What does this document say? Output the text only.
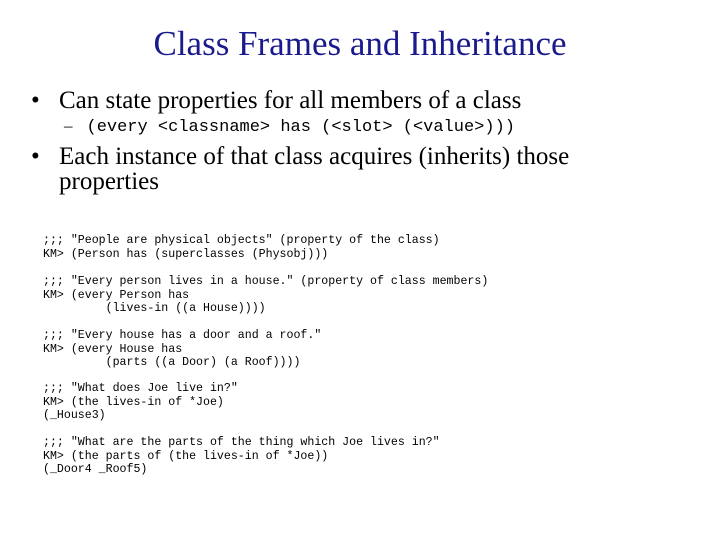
Class Frames and Inheritance
• Can state properties for all members of a class
– (every <classname> has (<slot> (<value>)))
• Each instance of that class acquires (inherits) those
properties
;;; "People are physical objects" (property of the class)
KM> (Person has (superclasses (Physobj)))
;;; "Every person lives in a house." (property of class members)
KM> (every Person has
(lives-in ((a House))))
;;; "Every house has a door and a roof."
KM> (every House has
(parts ((a Door) (a Roof))))
;;; "What does Joe live in?"
KM> (the lives-in of *Joe)
(_House3)
;;; "What are the parts of the thing which Joe lives in?"
KM> (the parts of (the lives-in of *Joe))
(_Door4 _Roof5)
